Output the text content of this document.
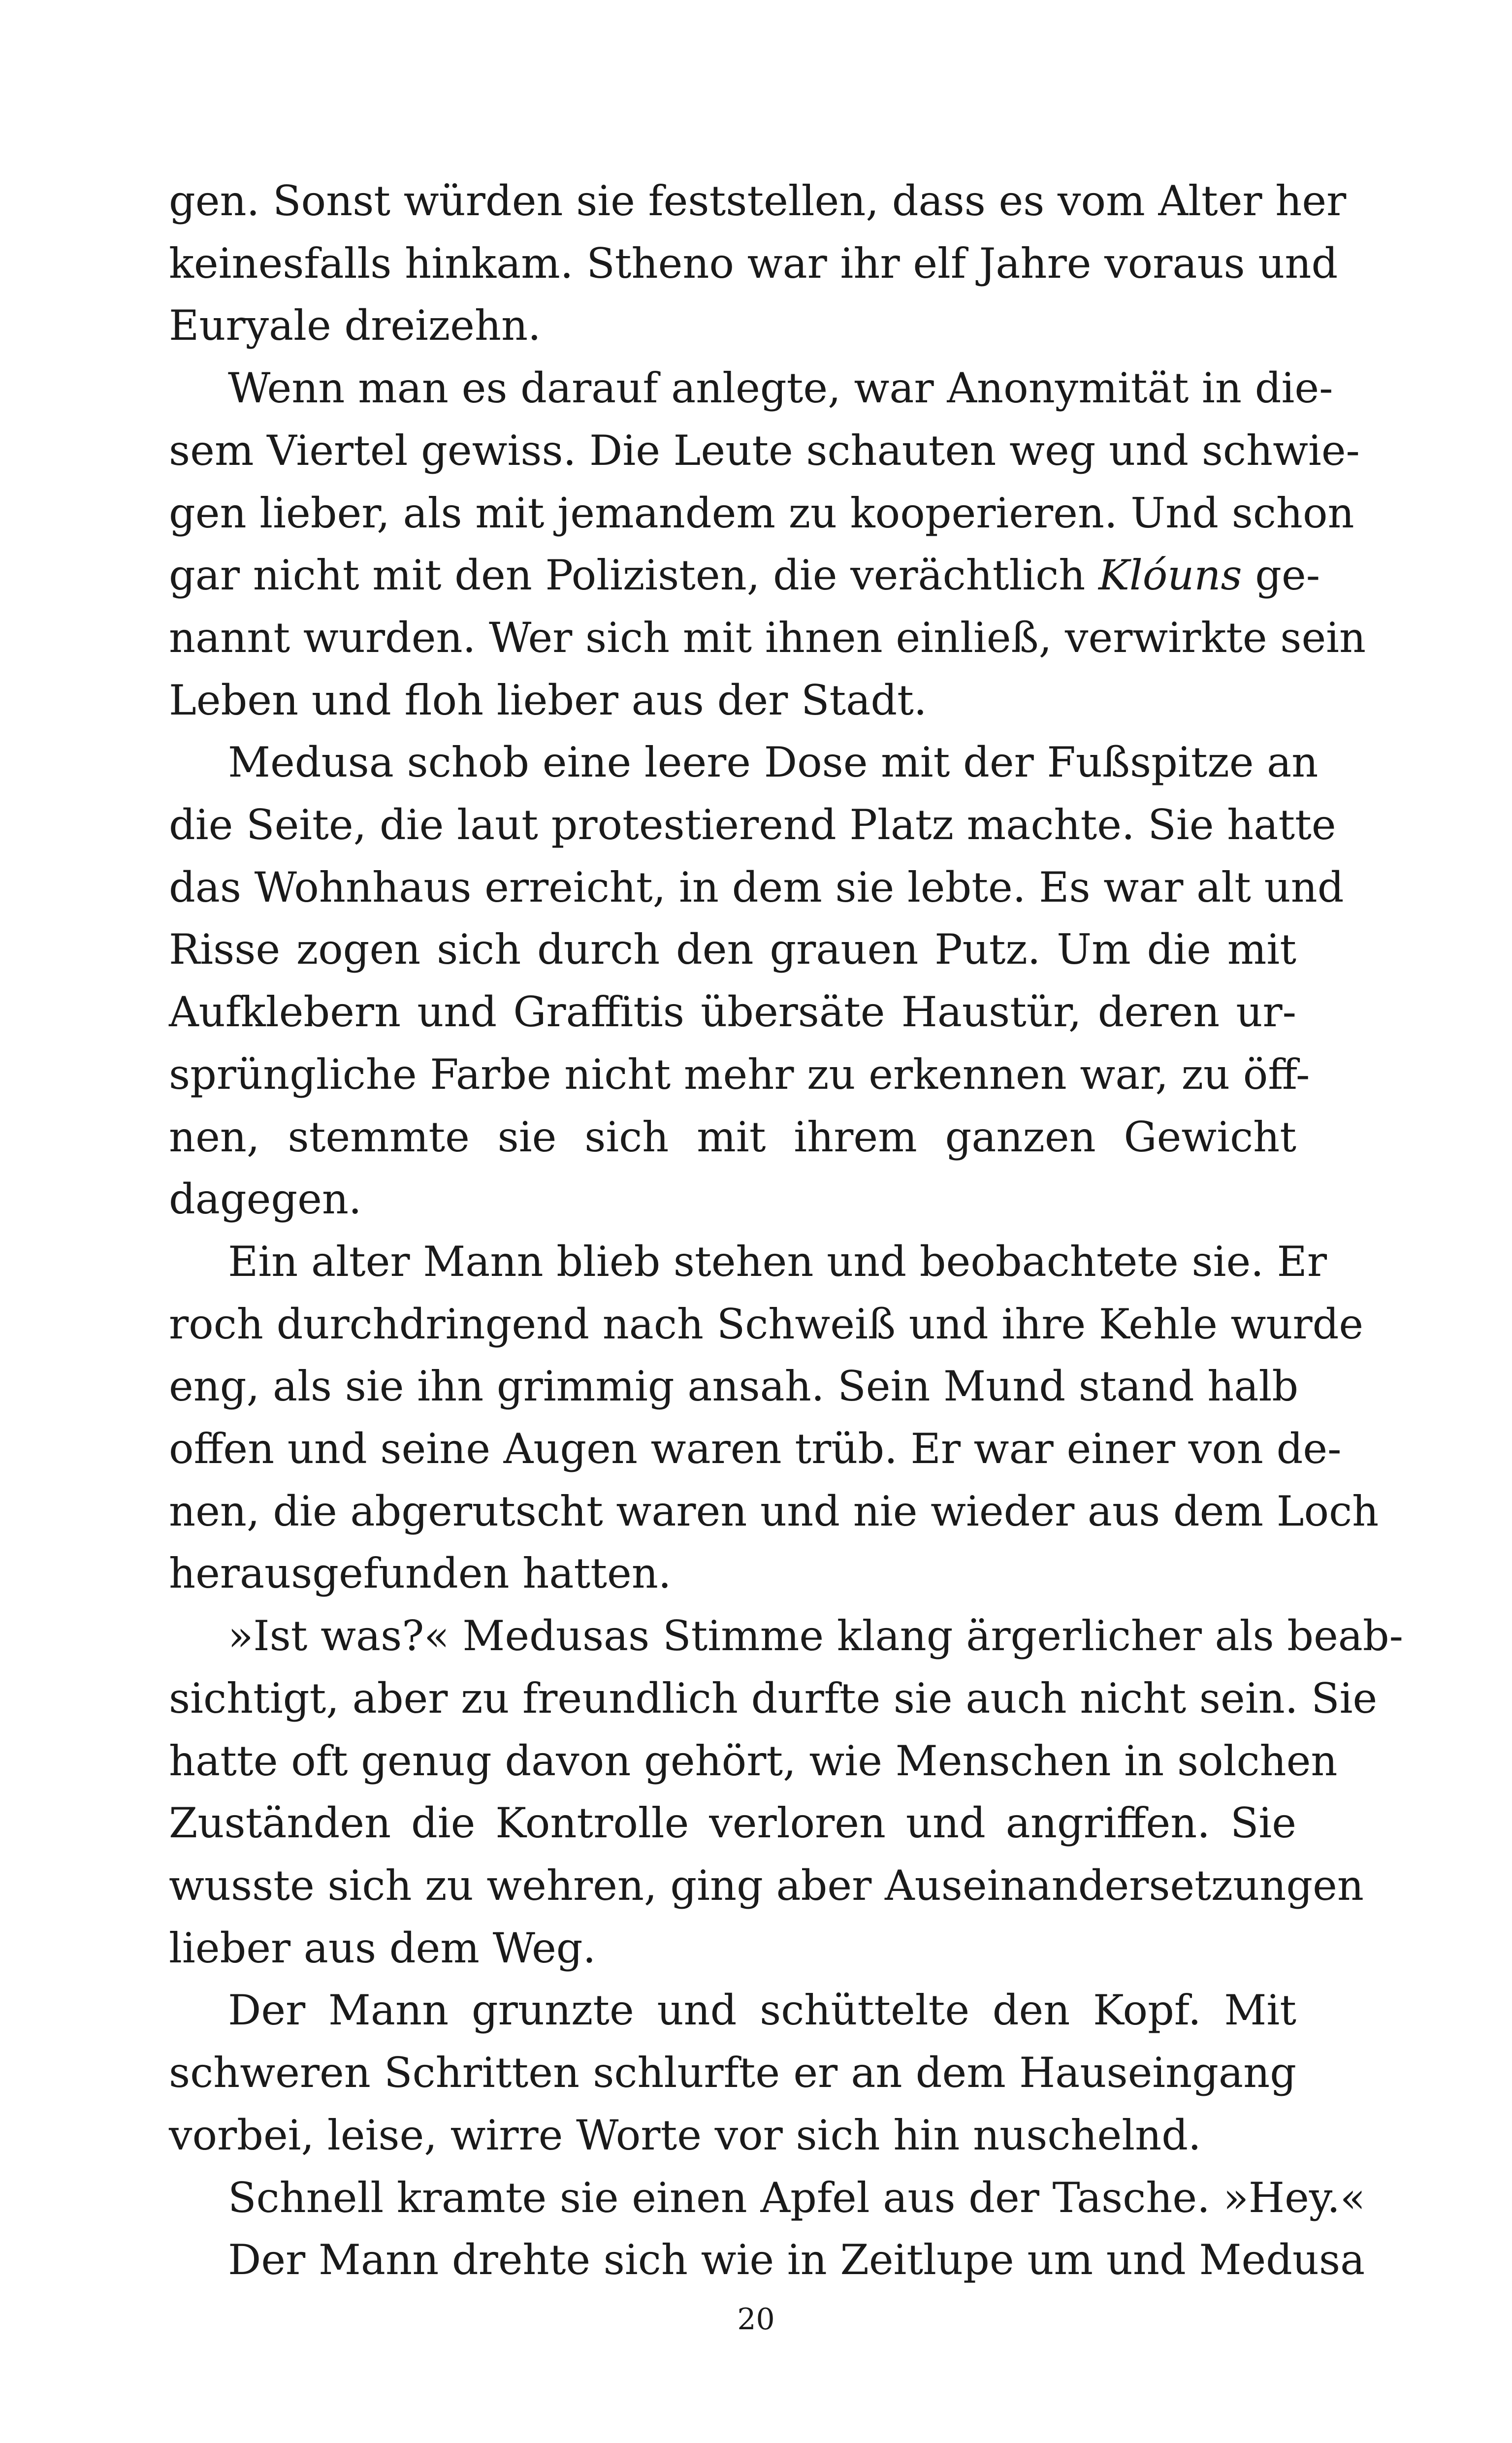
gen. Sonst würden sie feststellen, dass es vom Alter her
keinesfalls hinkam. Stheno war ihr elf Jahre voraus und
Euryale dreizehn.

Wenn man es darauf anlegte, war Anonymität in die-
sem Viertel gewiss. Die Leute schauten weg und schwie-
gen lieber, als mit jemandem zu kooperieren. Und schon
gar nicht mit den Polizisten, die verächtlich Klóuns ge-
nannt wurden. Wer sich mit ihnen einließ, verwirkte sein
Leben und floh lieber aus der Stadt.

Medusa schob eine leere Dose mit der Fußspitze an
die Seite, die laut protestierend Platz machte. Sie hatte
das Wohnhaus erreicht, in dem sie lebte. Es war alt und
Risse zogen sich durch den grauen Putz. Um die mit
Aufklebern und Graffitis übersäte Haustür, deren ur-
sprüngliche Farbe nicht mehr zu erkennen war, zu öff-
nen, stemmte sie sich mit ihrem ganzen Gewicht
dagegen.

Ein alter Mann blieb stehen und beobachtete sie. Er
roch durchdringend nach Schweiß und ihre Kehle wurde
eng, als sie ihn grimmig ansah. Sein Mund stand halb
offen und seine Augen waren trüb. Er war einer von de-
nen, die abgerutscht waren und nie wieder aus dem Loch
herausgefunden hatten.

»Ist was?« Medusas Stimme klang ärgerlicher als beab-
sichtigt, aber zu freundlich durfte sie auch nicht sein. Sie
hatte oft genug davon gehört, wie Menschen in solchen
Zuständen die Kontrolle verloren und angriffen. Sie
wusste sich zu wehren, ging aber Auseinandersetzungen
lieber aus dem Weg.

Der Mann grunzte und schüttelte den Kopf. Mit
schweren Schritten schlurfte er an dem Hauseingang
vorbei, leise, wirre Worte vor sich hin nuschelnd.

Schnell kramte sie einen Apfel aus der Tasche. »Hey.«

Der Mann drehte sich wie in Zeitlupe um und Medusa

20
